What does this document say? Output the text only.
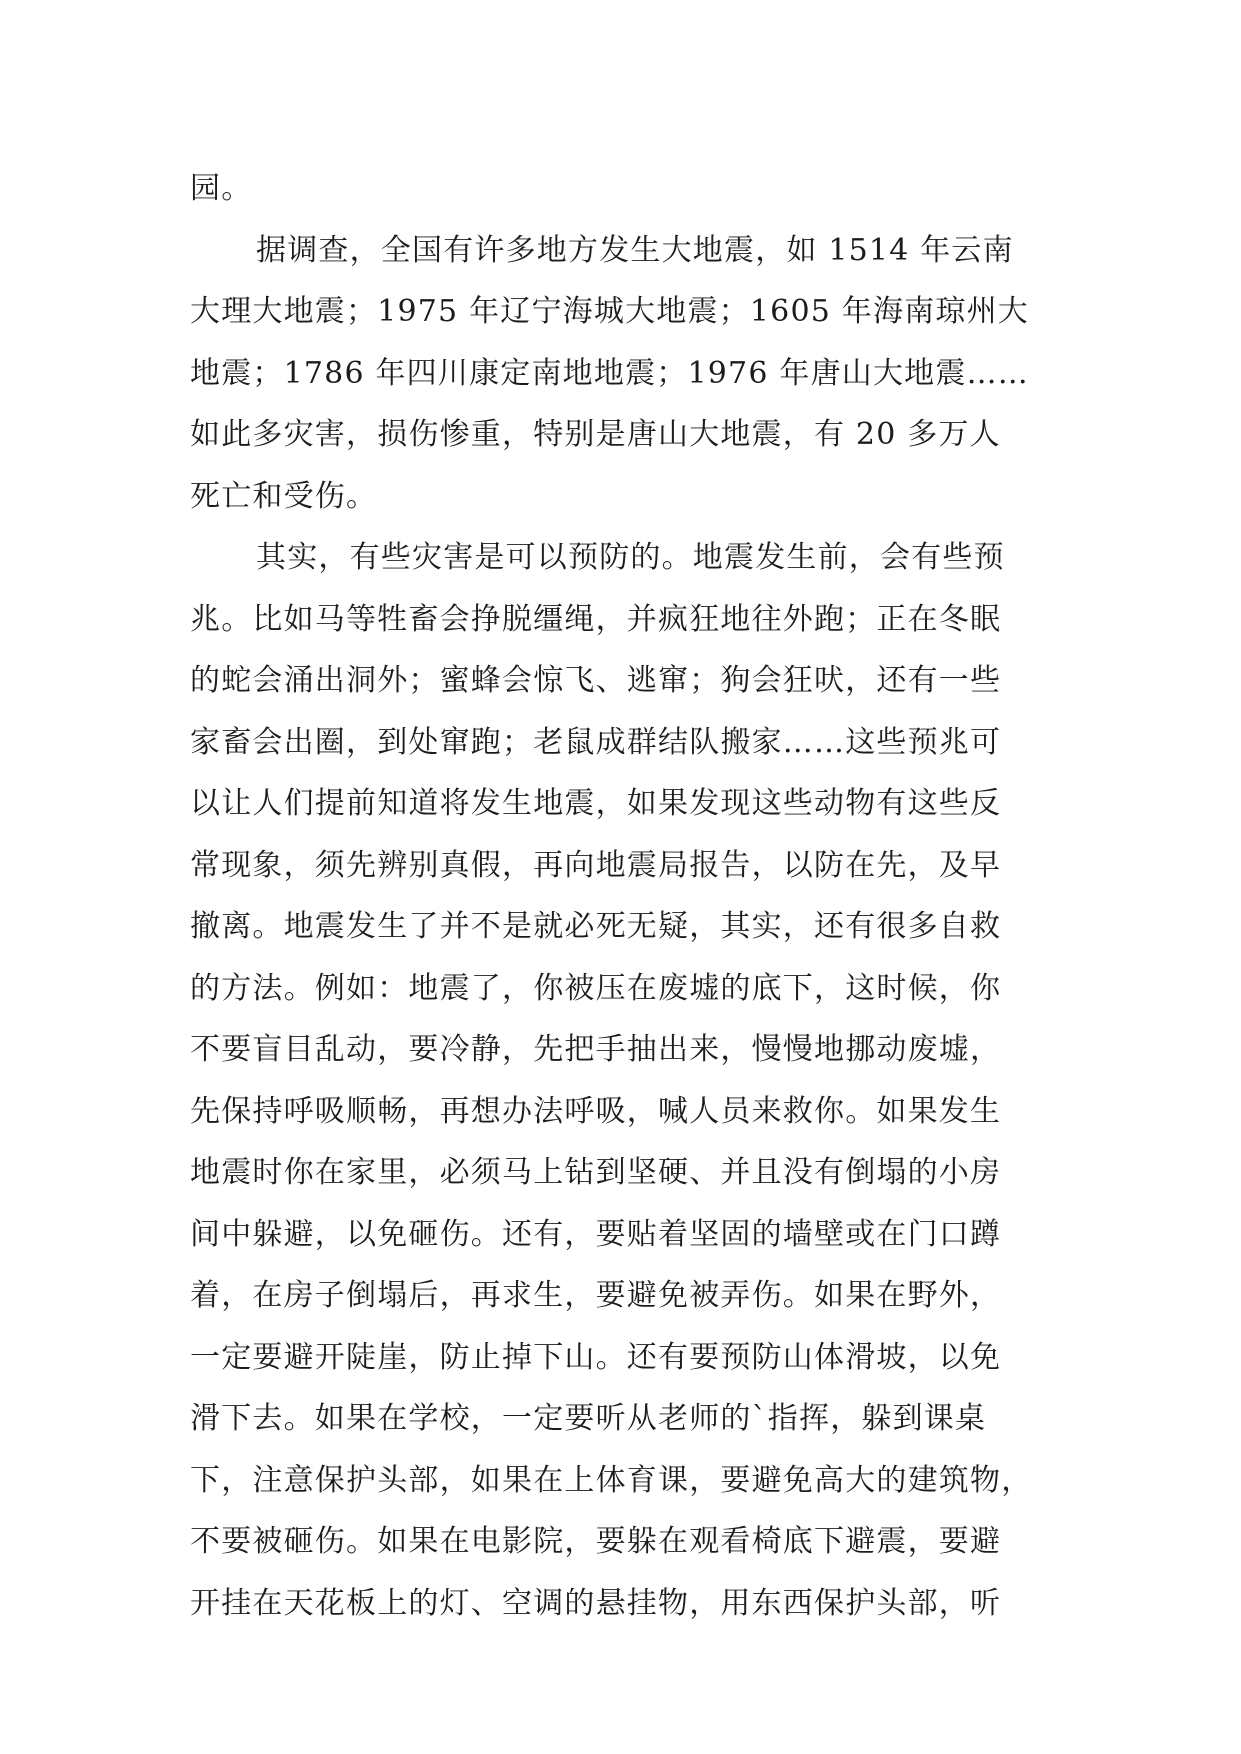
园。
据调查，全国有许多地方发生大地震，如 1514 年云南
大理大地震；1975 年辽宁海城大地震；1605 年海南琼州大
地震；1786 年四川康定南地地震；1976 年唐山大地震……
如此多灾害，损伤惨重，特别是唐山大地震，有 20 多万人
死亡和受伤。
其实，有些灾害是可以预防的。地震发生前，会有些预
兆。比如马等牲畜会挣脱缰绳，并疯狂地往外跑；正在冬眠
的蛇会涌出洞外；蜜蜂会惊飞、逃窜；狗会狂吠，还有一些
家畜会出圈，到处窜跑；老鼠成群结队搬家……这些预兆可
以让人们提前知道将发生地震，如果发现这些动物有这些反
常现象，须先辨别真假，再向地震局报告，以防在先，及早
撤离。地震发生了并不是就必死无疑，其实，还有很多自救
的方法。例如：地震了，你被压在废墟的底下，这时候，你
不要盲目乱动，要冷静，先把手抽出来，慢慢地挪动废墟，
先保持呼吸顺畅，再想办法呼吸，喊人员来救你。如果发生
地震时你在家里，必须马上钻到坚硬、并且没有倒塌的小房
间中躲避，以免砸伤。还有，要贴着坚固的墙壁或在门口蹲
着，在房子倒塌后，再求生，要避免被弄伤。如果在野外，
一定要避开陡崖，防止掉下山。还有要预防山体滑坡，以免
滑下去。如果在学校，一定要听从老师的`指挥，躲到课桌
下，注意保护头部，如果在上体育课，要避免高大的建筑物，
不要被砸伤。如果在电影院，要躲在观看椅底下避震，要避
开挂在天花板上的灯、空调的悬挂物，用东西保护头部，听
